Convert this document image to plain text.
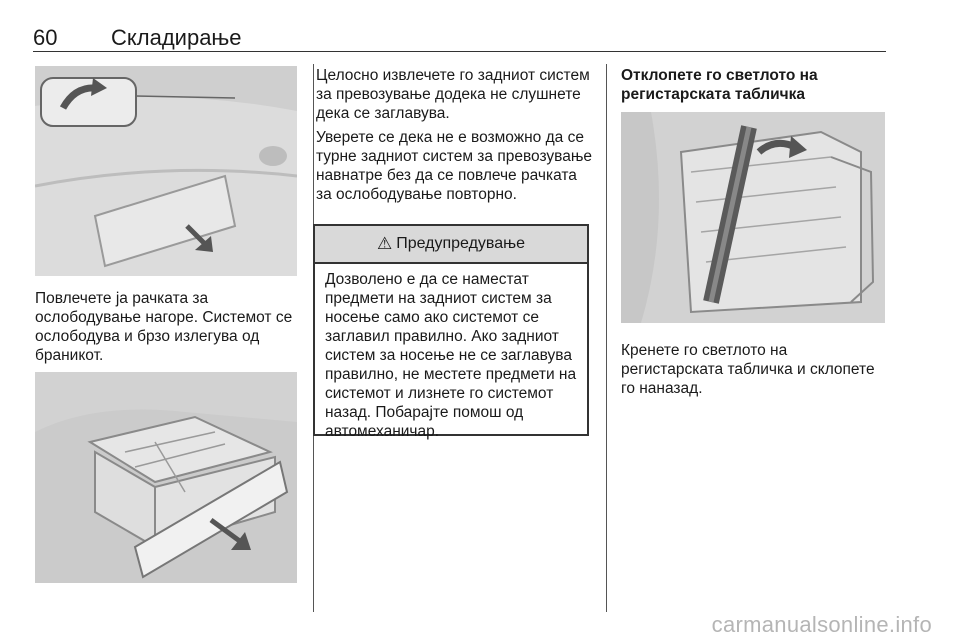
60 Складирање

Повлечете ја рачката за ослободување нагоре. Системот се ослободува и брзо излегува од браникот.

Целосно извлечете го задниот систем за превозување додека не слушнете дека се заглавува.

Уверете се дека не е возможно да се турне задниот систем за превозување навнатре без да се повлече рачката за ослободување повторно.

⚠ Предупредување

Дозволено е да се наместат предмети на задниот систем за носење само ако системот се заглавил правилно. Ако задниот систем за носење не се заглавува правилно, не местете предмети на системот и лизнете го системот назад. Побарајте помош од автомеханичар.

Отклопете го светлото на регистарската табличка

Кренете го светлото на регистарската табличка и склопете го наназад.

carmanualsonline.info
